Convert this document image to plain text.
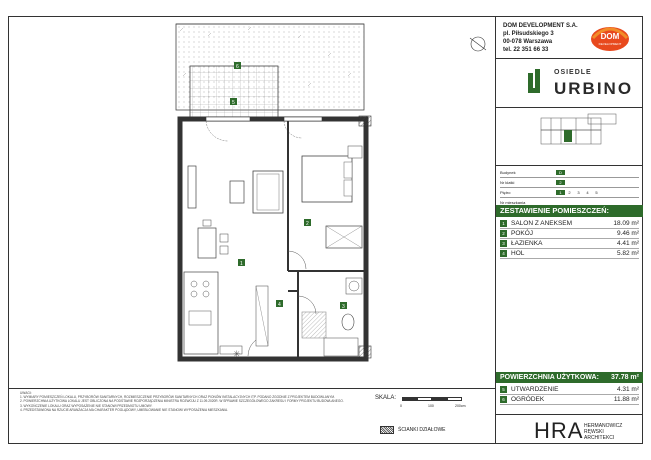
✳
6
5
1
2
3
4

UWAGI:

1. WYMIARY POMIESZCZEŃ LOKALU, PRZYBORÓW SANITARNYCH, ROZMIESZCZENIE PRZYBORÓW SANITARNYCH ORAZ PIONÓW INSTALACYJNYCH ITP. PODANO ZGODNIE Z PROJEKTEM BUDOWLANYM.

2. POWIERZCHNIA UŻYTKOWA LOKALU JEST OBLICZONA NA PODSTAWIE ROZPORZĄDZENIA MINISTRA ROZWOJU Z 11.09.2020R. W SPRAWIE SZCZEGÓŁOWEGO ZAKRESU I FORMY PROJEKTU BUDOWLANEGO.

3. WYKOŃCZENIE LOKALU ORAZ WYPOSAŻENIE NIE STANOWI PRZEDMIOTU UMOWY.

4. PRZEDSTAWIONA NA RZUCIE ARANŻACJA MA CHARAKTER POGLĄDOWY, UMEBLOWANIE NIE STANOWI WYPOSAŻENIA MIESZKANIA.

SKALA:
0	100	200cm
ŚCIANKI DZIAŁOWE
DOM DEVELOPMENT S.A.
pl. Piłsudskiego 3
00-078 Warszawa
tel. 22 351 66 33
DOM
DEVELOPMENT
OSIEDLE
URBINO
Budynek	D
Nr klatki	2
Piętro	1	2	3	4	5
Nr mieszkania
ZESTAWIENIE POMIESZCZEŃ:
1 SALON Z ANEKSEM	18.09 m²
2 POKÓJ	9.46 m²
3 ŁAZIENKA	4.41 m²
4 HOL	5.82 m²
POWIERZCHNIA UŻYTKOWA: 37.78 m²
5 UTWARDZENIE	4.31 m²
6 OGRÓDEK	11.88 m²
HRA HERMANOWICZ
RĘWSKI
ARCHITEKCI
